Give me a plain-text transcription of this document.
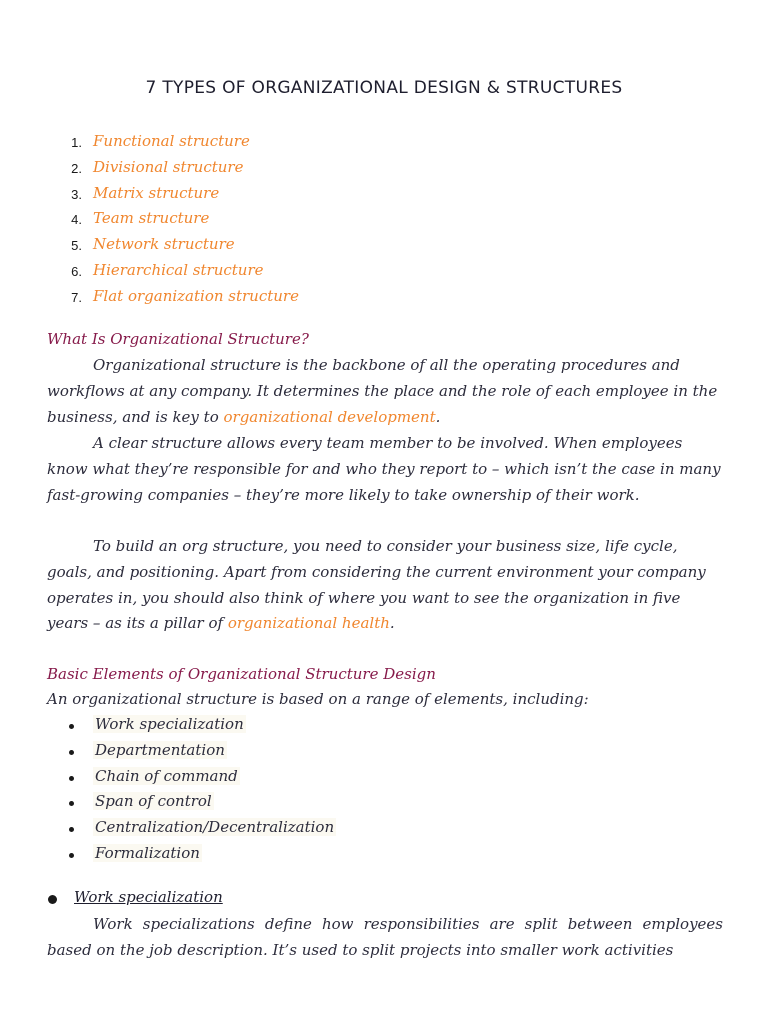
7 TYPES OF ORGANIZATIONAL DESIGN & STRUCTURES
1. Functional structure
2. Divisional structure
3. Matrix structure
4. Team structure
5. Network structure
6. Hierarchical structure
7. Flat organization structure
What Is Organizational Structure?

Organizational structure is the backbone of all the operating procedures and workflows at any company. It determines the place and the role of each employee in the business, and is key to organizational development.

A clear structure allows every team member to be involved. When employees know what they’re responsible for and who they report to – which isn’t the case in many fast-growing companies – they’re more likely to take ownership of their work.

To build an org structure, you need to consider your business size, life cycle, goals, and positioning. Apart from considering the current environment your company operates in, you should also think of where you want to see the organization in five years – as its a pillar of organizational health.

Basic Elements of Organizational Structure Design
An organizational structure is based on a range of elements, including:
Work specialization
Departmentation
Chain of command
Span of control
Centralization/Decentralization
Formalization
Work specialization

Work specializations define how responsibilities are split between employees based on the job description. It’s used to split projects into smaller work activities
